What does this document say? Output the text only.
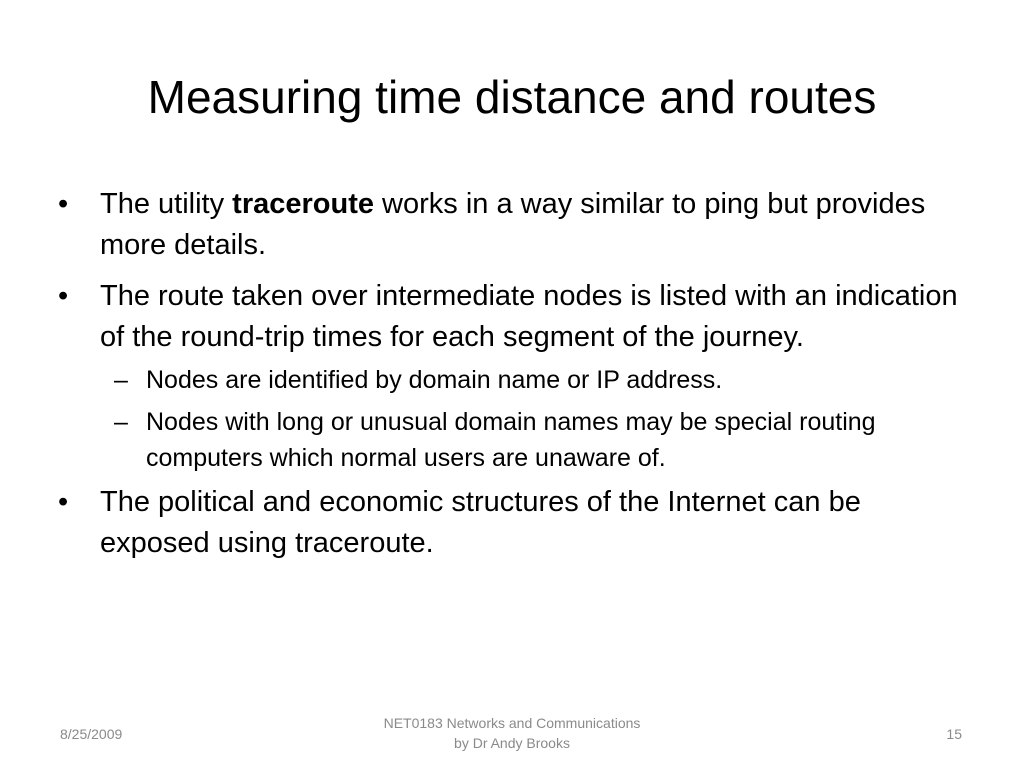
Measuring time distance and routes
•	The utility traceroute works in a way similar to ping but provides more details.
•	The route taken over intermediate nodes is listed with an indication of the round-trip times for each segment of the journey.
– Nodes are identified by domain name or IP address.
– Nodes with long or unusual domain names may be special routing computers which normal users are unaware of.
•	The political and economic structures of the Internet can be exposed using traceroute.
8/25/2009
NET0183 Networks and Communications
by Dr Andy Brooks
15
